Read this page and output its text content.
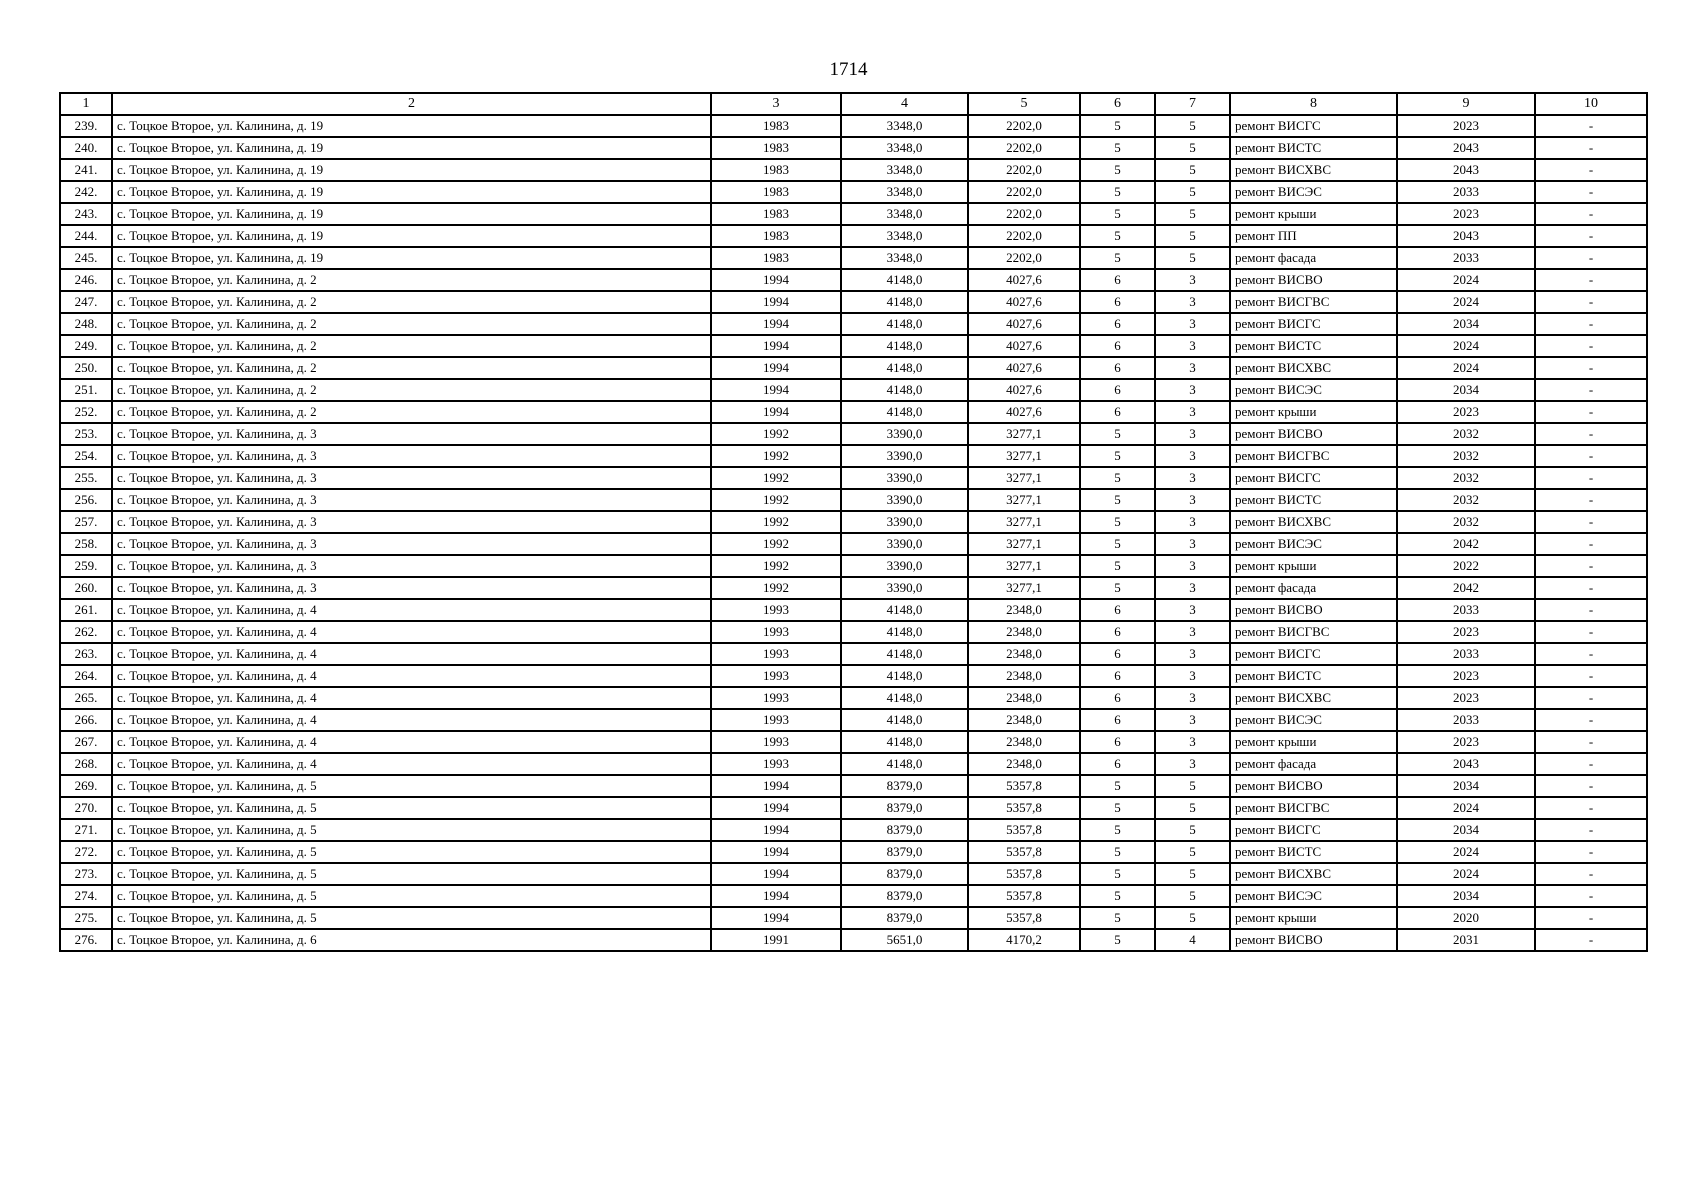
1714
1	2	3	4	5	6	7	8	9	10
239.	с. Тоцкое Второе, ул. Калинина, д. 19	1983	3348,0	2202,0	5	5	ремонт ВИСГС	2023	-
240.	с. Тоцкое Второе, ул. Калинина, д. 19	1983	3348,0	2202,0	5	5	ремонт ВИСТС	2043	-
241.	с. Тоцкое Второе, ул. Калинина, д. 19	1983	3348,0	2202,0	5	5	ремонт ВИСХВС	2043	-
242.	с. Тоцкое Второе, ул. Калинина, д. 19	1983	3348,0	2202,0	5	5	ремонт ВИСЭС	2033	-
243.	с. Тоцкое Второе, ул. Калинина, д. 19	1983	3348,0	2202,0	5	5	ремонт крыши	2023	-
244.	с. Тоцкое Второе, ул. Калинина, д. 19	1983	3348,0	2202,0	5	5	ремонт ПП	2043	-
245.	с. Тоцкое Второе, ул. Калинина, д. 19	1983	3348,0	2202,0	5	5	ремонт фасада	2033	-
246.	с. Тоцкое Второе, ул. Калинина, д. 2	1994	4148,0	4027,6	6	3	ремонт ВИСВО	2024	-
247.	с. Тоцкое Второе, ул. Калинина, д. 2	1994	4148,0	4027,6	6	3	ремонт ВИСГВС	2024	-
248.	с. Тоцкое Второе, ул. Калинина, д. 2	1994	4148,0	4027,6	6	3	ремонт ВИСГС	2034	-
249.	с. Тоцкое Второе, ул. Калинина, д. 2	1994	4148,0	4027,6	6	3	ремонт ВИСТС	2024	-
250.	с. Тоцкое Второе, ул. Калинина, д. 2	1994	4148,0	4027,6	6	3	ремонт ВИСХВС	2024	-
251.	с. Тоцкое Второе, ул. Калинина, д. 2	1994	4148,0	4027,6	6	3	ремонт ВИСЭС	2034	-
252.	с. Тоцкое Второе, ул. Калинина, д. 2	1994	4148,0	4027,6	6	3	ремонт крыши	2023	-
253.	с. Тоцкое Второе, ул. Калинина, д. 3	1992	3390,0	3277,1	5	3	ремонт ВИСВО	2032	-
254.	с. Тоцкое Второе, ул. Калинина, д. 3	1992	3390,0	3277,1	5	3	ремонт ВИСГВС	2032	-
255.	с. Тоцкое Второе, ул. Калинина, д. 3	1992	3390,0	3277,1	5	3	ремонт ВИСГС	2032	-
256.	с. Тоцкое Второе, ул. Калинина, д. 3	1992	3390,0	3277,1	5	3	ремонт ВИСТС	2032	-
257.	с. Тоцкое Второе, ул. Калинина, д. 3	1992	3390,0	3277,1	5	3	ремонт ВИСХВС	2032	-
258.	с. Тоцкое Второе, ул. Калинина, д. 3	1992	3390,0	3277,1	5	3	ремонт ВИСЭС	2042	-
259.	с. Тоцкое Второе, ул. Калинина, д. 3	1992	3390,0	3277,1	5	3	ремонт крыши	2022	-
260.	с. Тоцкое Второе, ул. Калинина, д. 3	1992	3390,0	3277,1	5	3	ремонт фасада	2042	-
261.	с. Тоцкое Второе, ул. Калинина, д. 4	1993	4148,0	2348,0	6	3	ремонт ВИСВО	2033	-
262.	с. Тоцкое Второе, ул. Калинина, д. 4	1993	4148,0	2348,0	6	3	ремонт ВИСГВС	2023	-
263.	с. Тоцкое Второе, ул. Калинина, д. 4	1993	4148,0	2348,0	6	3	ремонт ВИСГС	2033	-
264.	с. Тоцкое Второе, ул. Калинина, д. 4	1993	4148,0	2348,0	6	3	ремонт ВИСТС	2023	-
265.	с. Тоцкое Второе, ул. Калинина, д. 4	1993	4148,0	2348,0	6	3	ремонт ВИСХВС	2023	-
266.	с. Тоцкое Второе, ул. Калинина, д. 4	1993	4148,0	2348,0	6	3	ремонт ВИСЭС	2033	-
267.	с. Тоцкое Второе, ул. Калинина, д. 4	1993	4148,0	2348,0	6	3	ремонт крыши	2023	-
268.	с. Тоцкое Второе, ул. Калинина, д. 4	1993	4148,0	2348,0	6	3	ремонт фасада	2043	-
269.	с. Тоцкое Второе, ул. Калинина, д. 5	1994	8379,0	5357,8	5	5	ремонт ВИСВО	2034	-
270.	с. Тоцкое Второе, ул. Калинина, д. 5	1994	8379,0	5357,8	5	5	ремонт ВИСГВС	2024	-
271.	с. Тоцкое Второе, ул. Калинина, д. 5	1994	8379,0	5357,8	5	5	ремонт ВИСГС	2034	-
272.	с. Тоцкое Второе, ул. Калинина, д. 5	1994	8379,0	5357,8	5	5	ремонт ВИСТС	2024	-
273.	с. Тоцкое Второе, ул. Калинина, д. 5	1994	8379,0	5357,8	5	5	ремонт ВИСХВС	2024	-
274.	с. Тоцкое Второе, ул. Калинина, д. 5	1994	8379,0	5357,8	5	5	ремонт ВИСЭС	2034	-
275.	с. Тоцкое Второе, ул. Калинина, д. 5	1994	8379,0	5357,8	5	5	ремонт крыши	2020	-
276.	с. Тоцкое Второе, ул. Калинина, д. 6	1991	5651,0	4170,2	5	4	ремонт ВИСВО	2031	-
